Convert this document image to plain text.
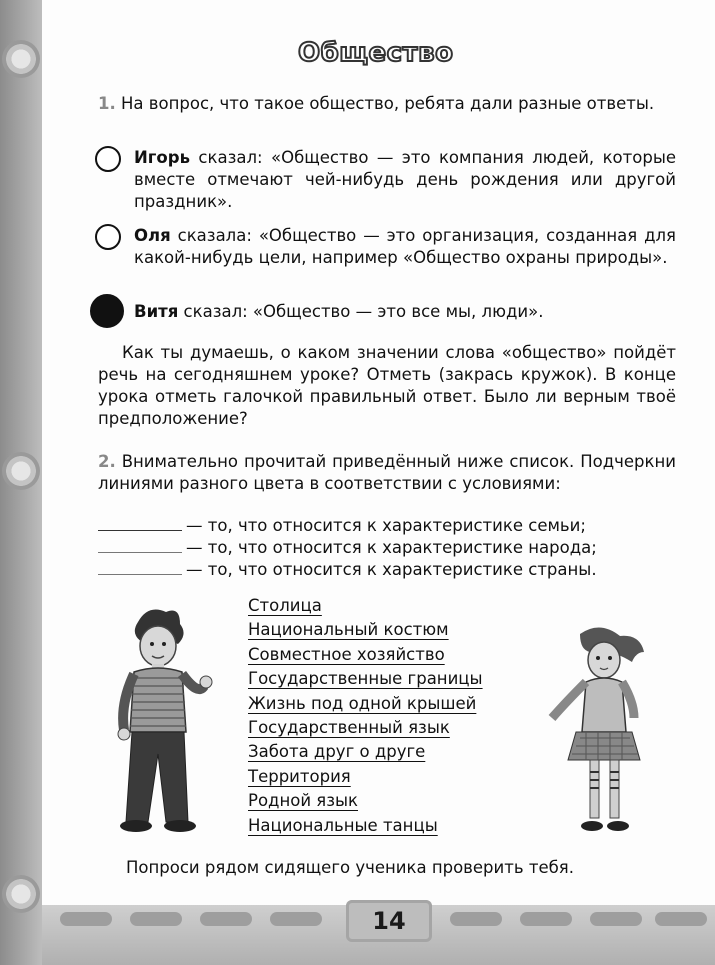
14
Общество
1. На вопрос, что такое общество, ребята дали разные ответы.
Игорь сказал: «Общество — это компания людей, которые вместе отмечают чей-нибудь день рождения или другой праздник».
Оля сказала: «Общество — это организация, созданная для какой-нибудь цели, например «Общество охраны природы».
Витя сказал: «Общество — это все мы, люди».
Как ты думаешь, о каком значении слова «общество» пойдёт речь на сегодняшнем уроке? Отметь (закрась кружок). В конце урока отметь галочкой правильный ответ. Было ли верным твоё предположение?
2. Внимательно прочитай приведённый ниже список. Подчеркни линиями разного цвета в соответствии с условиями:
— то, что относится к характеристике семьи;
— то, что относится к характеристике народа;
— то, что относится к характеристике страны.
Столица
Национальный костюм
Совместное хозяйство
Государственные границы
Жизнь под одной крышей
Государственный язык
Забота друг о друге
Территория
Родной язык
Национальные танцы
Попроси рядом сидящего ученика проверить тебя.
